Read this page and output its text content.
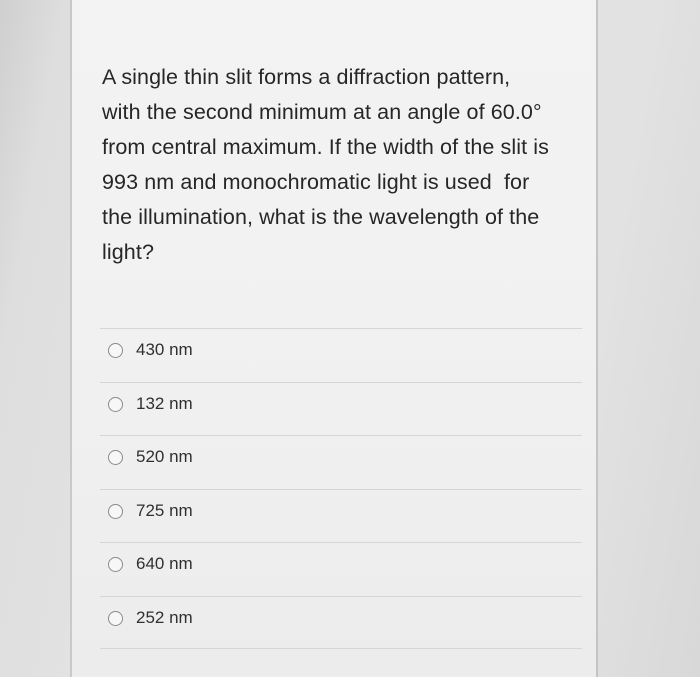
A single thin slit forms a diffraction pattern,
with the second minimum at an angle of 60.0°
from central maximum. If the width of the slit is
993 nm and monochromatic light is used  for
the illumination, what is the wavelength of the
light?

430 nm
132 nm
520 nm
725 nm
640 nm
252 nm
